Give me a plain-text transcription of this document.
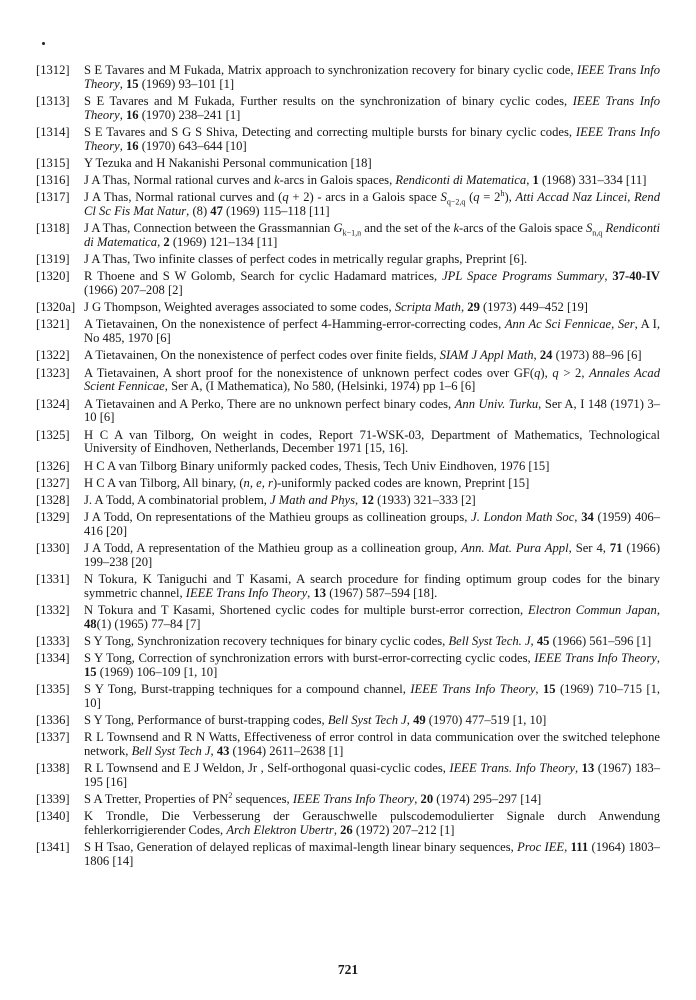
[1312] S E Tavares and M Fukada, Matrix approach to synchronization recovery for binary cyclic code, IEEE Trans Info Theory, 15 (1969) 93–101 [1]
[1313] S E Tavares and M Fukada, Further results on the synchronization of binary cyclic codes, IEEE Trans Info Theory, 16 (1970) 238–241 [1]
[1314] S E Tavares and S G S Shiva, Detecting and correcting multiple bursts for binary cyclic codes, IEEE Trans Info Theory, 16 (1970) 643–644 [10]
[1315] Y Tezuka and H Nakanishi Personal communication [18]
[1316] J A Thas, Normal rational curves and k-arcs in Galois spaces, Rendiconti di Matematica, 1 (1968) 331–334 [11]
[1317] J A Thas, Normal rational curves and (q + 2) - arcs in a Galois space $S_{q-2,q}$ $(q = 2^h)$, Atti Accad Naz Lincei, Rend Cl Sc Fis Mat Natur, (8) 47 (1969) 115–118 [11]
[1318] J A Thas, Connection between the Grassmannian $G_{k-1,n}$ and the set of the k-arcs of the Galois space $S_{n,q}$ Rendiconti di Matematica, 2 (1969) 121–134 [11]
[1319] J A Thas, Two infinite classes of perfect codes in metrically regular graphs, Preprint [6].
[1320] R Thoene and S W Golomb, Search for cyclic Hadamard matrices, JPL Space Programs Summary, 37-40-IV (1966) 207–208 [2]
[1320a] J G Thompson, Weighted averages associated to some codes, Scripta Math, 29 (1973) 449–452 [19]
[1321] A Tietavainen, On the nonexistence of perfect 4-Hamming-error-correcting codes, Ann Ac Sci Fennicae, Ser, A I, No 485, 1970 [6]
[1322] A Tietavainen, On the nonexistence of perfect codes over finite fields, SIAM J Appl Math, 24 (1973) 88–96 [6]
[1323] A Tietavainen, A short proof for the nonexistence of unknown perfect codes over GF(q), q > 2, Annales Acad Scient Fennicae, Ser A, (I Mathematica), No 580, (Helsinki, 1974) pp 1–6 [6]
[1324] A Tietavainen and A Perko, There are no unknown perfect binary codes, Ann Univ. Turku, Ser A, I 148 (1971) 3–10 [6]
[1325] H C A van Tilborg, On weight in codes, Report 71-WSK-03, Department of Mathematics, Technological University of Eindhoven, Netherlands, December 1971 [15, 16].
[1326] H C A van Tilborg Binary uniformly packed codes, Thesis, Tech Univ Eindhoven, 1976 [15]
[1327] H C A van Tilborg, All binary, (n, e, r)-uniformly packed codes are known, Preprint [15]
[1328] J. A Todd, A combinatorial problem, J Math and Phys, 12 (1933) 321–333 [2]
[1329] J A Todd, On representations of the Mathieu groups as collineation groups, J. London Math Soc, 34 (1959) 406–416 [20]
[1330] J A Todd, A representation of the Mathieu group as a collineation group, Ann. Mat. Pura Appl, Ser 4, 71 (1966) 199–238 [20]
[1331] N Tokura, K Taniguchi and T Kasami, A search procedure for finding optimum group codes for the binary symmetric channel, IEEE Trans Info Theory, 13 (1967) 587–594 [18].
[1332] N Tokura and T Kasami, Shortened cyclic codes for multiple burst-error correction, Electron Commun Japan, 48(1) (1965) 77–84 [7]
[1333] S Y Tong, Synchronization recovery techniques for binary cyclic codes, Bell Syst Tech. J, 45 (1966) 561–596 [1]
[1334] S Y Tong, Correction of synchronization errors with burst-error-correcting cyclic codes, IEEE Trans Info Theory, 15 (1969) 106–109 [1, 10]
[1335] S Y Tong, Burst-trapping techniques for a compound channel, IEEE Trans Info Theory, 15 (1969) 710–715 [1, 10]
[1336] S Y Tong, Performance of burst-trapping codes, Bell Syst Tech J, 49 (1970) 477–519 [1, 10]
[1337] R L Townsend and R N Watts, Effectiveness of error control in data communication over the switched telephone network, Bell Syst Tech J, 43 (1964) 2611–2638 [1]
[1338] R L Townsend and E J Weldon, Jr , Self-orthogonal quasi-cyclic codes, IEEE Trans. Info Theory, 13 (1967) 183–195 [16]
[1339] S A Tretter, Properties of $PN^2$ sequences, IEEE Trans Info Theory, 20 (1974) 295–297 [14]
[1340] K Trondle, Die Verbesserung der Gerauschwelle pulscodemodulierter Signale durch Anwendung fehlerkorrigierender Codes, Arch Elektron Ubertr, 26 (1972) 207–212 [1]
[1341] S H Tsao, Generation of delayed replicas of maximal-length linear binary sequences, Proc IEE, 111 (1964) 1803–1806 [14]
721
